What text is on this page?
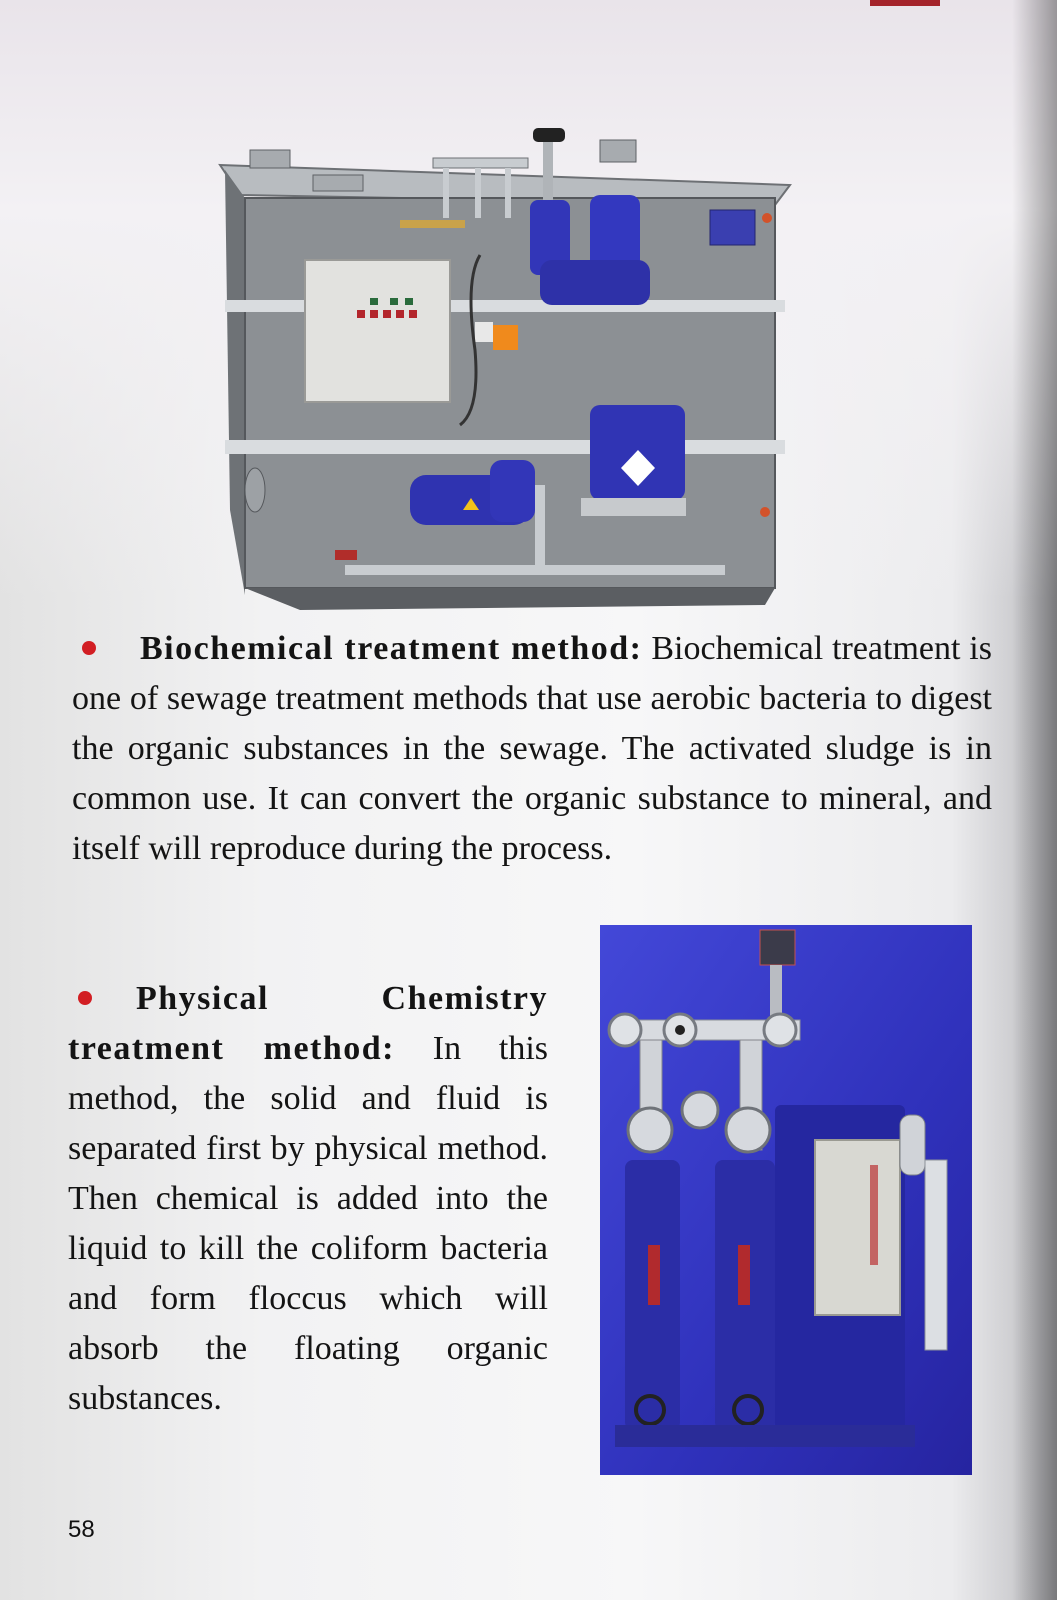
Biochemical treatment method: Biochemical treatment is one of sewage treatment methods that use aerobic bacteria to digest the organic substances in the sewage. The activated sludge is in common use. It can convert the organic substance to mineral, and itself will reproduce during the process.
Physical Chemistry treatment method: In this method, the solid and fluid is separated first by physical method. Then chemical is added into the liquid to kill the coliform bacteria and form floccus which will absorb the floating organic substances.
58
